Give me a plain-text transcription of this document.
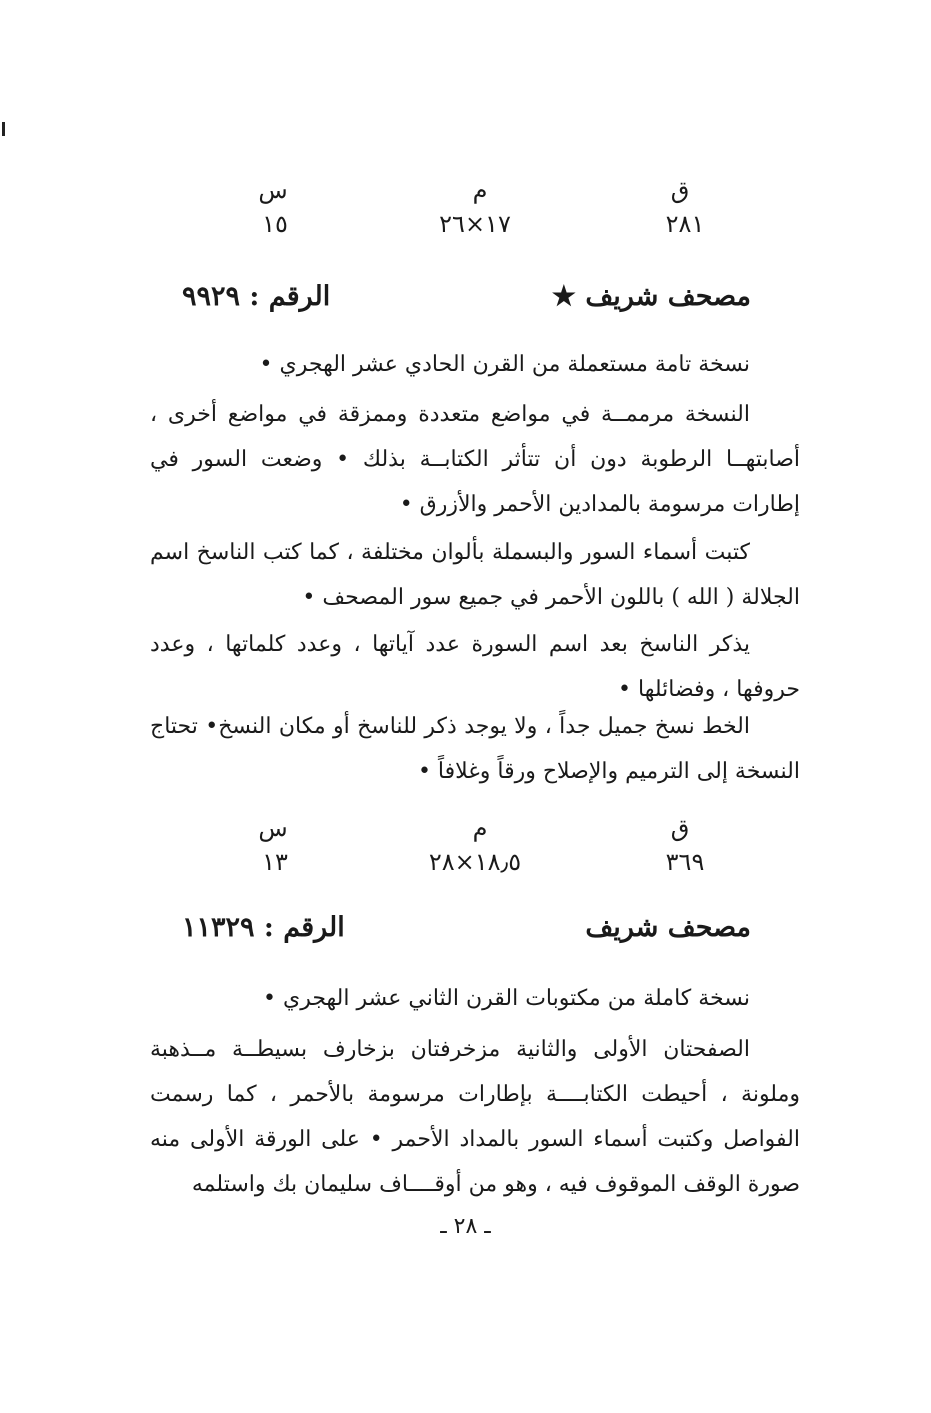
ق
م
س
٢٨١
١٧×٢٦
١٥
مصحف شريف ★
الرقم : ٩٩٢٩
نسخة تامة مستعملة من القرن الحادي عشر الهجري •
النسخة مرممــة في مواضع متعددة وممزقة في مواضع أخرى ، أصابتهــا الرطوبة دون أن تتأثر الكتابــة بذلك • وضعت السور في إطارات مرسومة بالمدادين الأحمر والأزرق •
كتبت أسماء السور والبسملة بألوان مختلفة ، كما كتب الناسخ اسم الجلالة ( الله ) باللون الأحمر في جميع سور المصحف •
يذكر الناسخ بعد اسم السورة عدد آياتها ، وعدد كلماتها ، وعدد حروفها ، وفضائلها •
الخط نسخ جميل جداً ، ولا يوجد ذكر للناسخ أو مكان النسخ• تحتاج النسخة إلى الترميم والإصلاح ورقاً وغلافاً •
ق
م
س
٣٦٩
١٨٫٥×٢٨
١٣
مصحف شريف
الرقم : ١١٣٢٩
نسخة كاملة من مكتوبات القرن الثاني عشر الهجري •
الصفحتان الأولى والثانية مزخرفتان بزخارف بسيطــة مــذهبة وملونة ، أحيطت الكتابــــة بإطارات مرسومة بالأحمر ، كما رسمت الفواصل وكتبت أسماء السور بالمداد الأحمر • على الورقة الأولى منه صورة الوقف الموقوف فيه ، وهو من أوقــــاف سليمان بك واستلمه
ـ ٢٨ ـ
